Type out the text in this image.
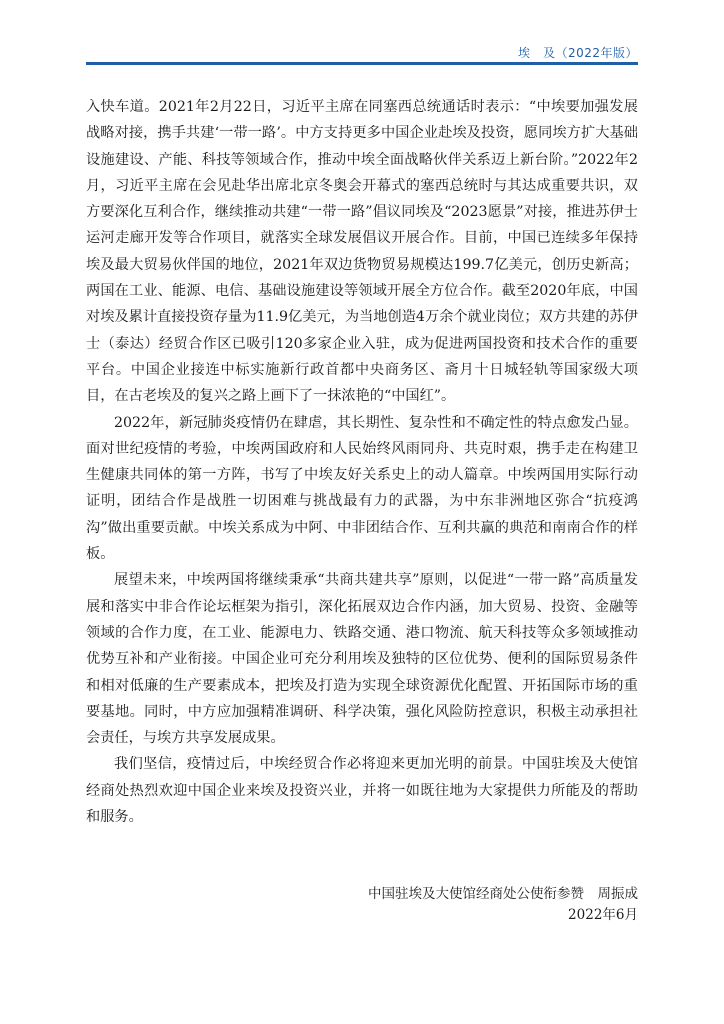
埃　及（2022年版）

入快车道。2021年2月22日，习近平主席在同塞西总统通话时表示：“中埃要加强发展战略对接，携手共建‘一带一路’。中方支持更多中国企业赴埃及投资，愿同埃方扩大基础设施建设、产能、科技等领域合作，推动中埃全面战略伙伴关系迈上新台阶。”2022年2月，习近平主席在会见赴华出席北京冬奥会开幕式的塞西总统时与其达成重要共识，双方要深化互利合作，继续推动共建“一带一路”倡议同埃及“2023愿景”对接，推进苏伊士运河走廊开发等合作项目，就落实全球发展倡议开展合作。目前，中国已连续多年保持埃及最大贸易伙伴国的地位，2021年双边货物贸易规模达199.7亿美元，创历史新高；两国在工业、能源、电信、基础设施建设等领域开展全方位合作。截至2020年底，中国对埃及累计直接投资存量为11.9亿美元，为当地创造4万余个就业岗位；双方共建的苏伊士（泰达）经贸合作区已吸引120多家企业入驻，成为促进两国投资和技术合作的重要平台。中国企业接连中标实施新行政首都中央商务区、斋月十日城轻轨等国家级大项目，在古老埃及的复兴之路上画下了一抹浓艳的“中国红”。

2022年，新冠肺炎疫情仍在肆虐，其长期性、复杂性和不确定性的特点愈发凸显。面对世纪疫情的考验，中埃两国政府和人民始终风雨同舟、共克时艰，携手走在构建卫生健康共同体的第一方阵，书写了中埃友好关系史上的动人篇章。中埃两国用实际行动证明，团结合作是战胜一切困难与挑战最有力的武器，为中东非洲地区弥合“抗疫鸿沟”做出重要贡献。中埃关系成为中阿、中非团结合作、互利共赢的典范和南南合作的样板。

展望未来，中埃两国将继续秉承“共商共建共享”原则，以促进“一带一路”高质量发展和落实中非合作论坛框架为指引，深化拓展双边合作内涵，加大贸易、投资、金融等领域的合作力度，在工业、能源电力、铁路交通、港口物流、航天科技等众多领域推动优势互补和产业衔接。中国企业可充分利用埃及独特的区位优势、便利的国际贸易条件和相对低廉的生产要素成本，把埃及打造为实现全球资源优化配置、开拓国际市场的重要基地。同时，中方应加强精准调研、科学决策，强化风险防控意识，积极主动承担社会责任，与埃方共享发展成果。

我们坚信，疫情过后，中埃经贸合作必将迎来更加光明的前景。中国驻埃及大使馆经商处热烈欢迎中国企业来埃及投资兴业，并将一如既往地为大家提供力所能及的帮助和服务。

中国驻埃及大使馆经商处公使衔参赞　周振成
2022年6月
